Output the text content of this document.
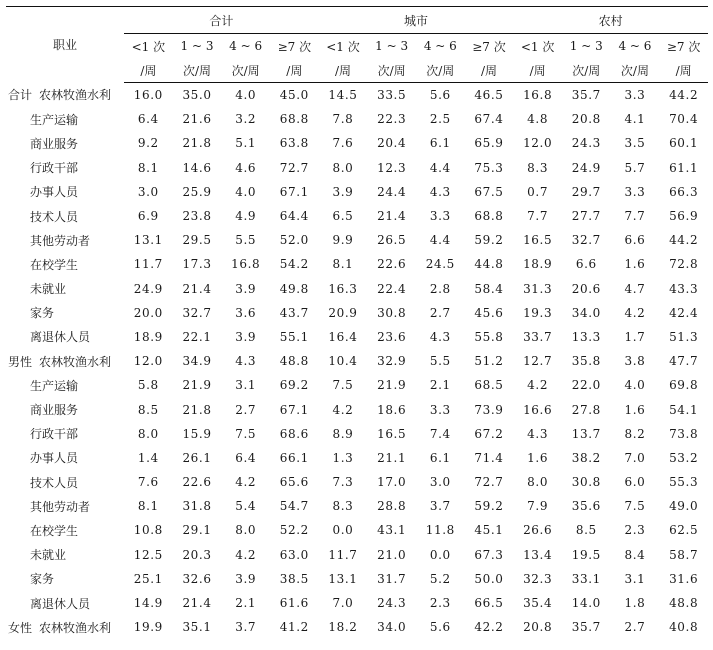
职业		合计				城市				农村			
		<1 次	1 ~ 3	4 ~ 6	≥7 次	<1 次	1 ~ 3	4 ~ 6	≥7 次	<1 次	1 ~ 3	4 ~ 6	≥7 次
		/周	次/周	次/周	/周	/周	次/周	次/周	/周	/周	次/周	次/周	/周
合计	农林牧渔水利	16.0	35.0	4.0	45.0	14.5	33.5	5.6	46.5	16.8	35.7	3.3	44.2
生产运输		6.4	21.6	3.2	68.8	7.8	22.3	2.5	67.4	4.8	20.8	4.1	70.4
商业服务		9.2	21.8	5.1	63.8	7.6	20.4	6.1	65.9	12.0	24.3	3.5	60.1
行政干部		8.1	14.6	4.6	72.7	8.0	12.3	4.4	75.3	8.3	24.9	5.7	61.1
办事人员		3.0	25.9	4.0	67.1	3.9	24.4	4.3	67.5	0.7	29.7	3.3	66.3
技术人员		6.9	23.8	4.9	64.4	6.5	21.4	3.3	68.8	7.7	27.7	7.7	56.9
其他劳动者		13.1	29.5	5.5	52.0	9.9	26.5	4.4	59.2	16.5	32.7	6.6	44.2
在校学生		11.7	17.3	16.8	54.2	8.1	22.6	24.5	44.8	18.9	6.6	1.6	72.8
未就业		24.9	21.4	3.9	49.8	16.3	22.4	2.8	58.4	31.3	20.6	4.7	43.3
家务		20.0	32.7	3.6	43.7	20.9	30.8	2.7	45.6	19.3	34.0	4.2	42.4
离退休人员		18.9	22.1	3.9	55.1	16.4	23.6	4.3	55.8	33.7	13.3	1.7	51.3
男性	农林牧渔水利	12.0	34.9	4.3	48.8	10.4	32.9	5.5	51.2	12.7	35.8	3.8	47.7
生产运输		5.8	21.9	3.1	69.2	7.5	21.9	2.1	68.5	4.2	22.0	4.0	69.8
商业服务		8.5	21.8	2.7	67.1	4.2	18.6	3.3	73.9	16.6	27.8	1.6	54.1
行政干部		8.0	15.9	7.5	68.6	8.9	16.5	7.4	67.2	4.3	13.7	8.2	73.8
办事人员		1.4	26.1	6.4	66.1	1.3	21.1	6.1	71.4	1.6	38.2	7.0	53.2
技术人员		7.6	22.6	4.2	65.6	7.3	17.0	3.0	72.7	8.0	30.8	6.0	55.3
其他劳动者		8.1	31.8	5.4	54.7	8.3	28.8	3.7	59.2	7.9	35.6	7.5	49.0
在校学生		10.8	29.1	8.0	52.2	0.0	43.1	11.8	45.1	26.6	8.5	2.3	62.5
未就业		12.5	20.3	4.2	63.0	11.7	21.0	0.0	67.3	13.4	19.5	8.4	58.7
家务		25.1	32.6	3.9	38.5	13.1	31.7	5.2	50.0	32.3	33.1	3.1	31.6
离退休人员		14.9	21.4	2.1	61.6	7.0	24.3	2.3	66.5	35.4	14.0	1.8	48.8
女性	农林牧渔水利	19.9	35.1	3.7	41.2	18.2	34.0	5.6	42.2	20.8	35.7	2.7	40.8
